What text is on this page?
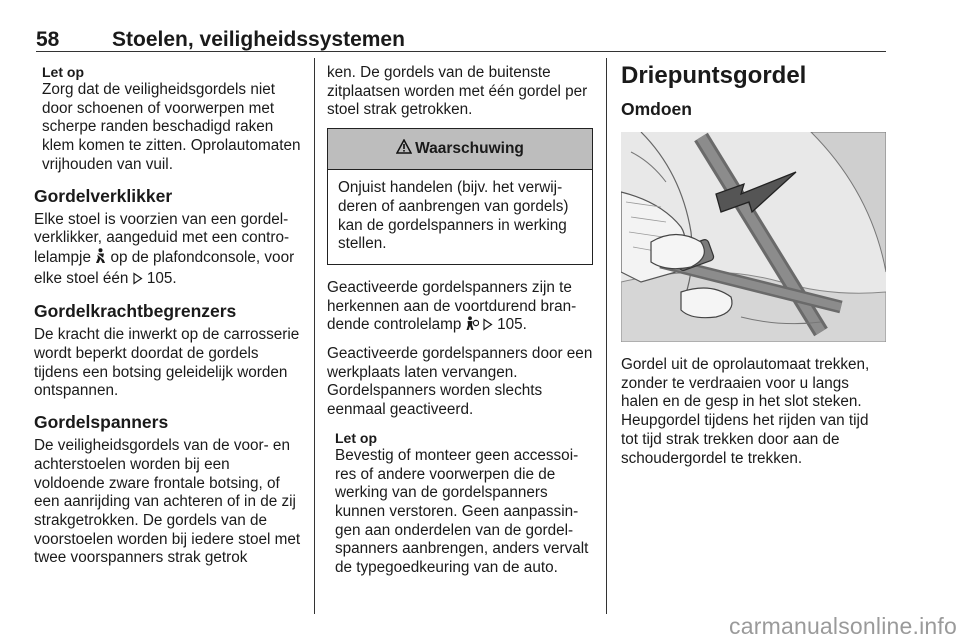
58	Stoelen, veiligheidssystemen
Let op

Zorg dat de veiligheidsgordels niet door schoenen of voorwerpen met scherpe randen beschadigd raken klem komen te zitten. Oprolautomaten vrijhouden van vuil.

Gordelverklikker

Elke stoel is voorzien van een gordelverklikker, aangeduid met een controlelampje  op de plafondconsole, voor elke stoel één  105.

Gordelkrachtbegrenzers

De kracht die inwerkt op de carrosserie wordt beperkt doordat de gordels tijdens een botsing geleidelijk worden ontspannen.

Gordelspanners

De veiligheidsgordels van de voor- en achterstoelen worden bij een voldoende zware frontale botsing, of een aanrijding van achteren of in de zij strakgetrokken. De gordels van de voorstoelen worden bij iedere stoel met twee voorspanners strak getrok

ken. De gordels van de buitenste zitplaatsen worden met één gordel per stoel strak getrokken.

Waarschuwing

Onjuist handelen (bijv. het verwijderen of aanbrengen van gordels) kan de gordelspanners in werking stellen.

Geactiveerde gordelspanners zijn te herkennen aan de voortdurend brandende controlelamp   105.

Geactiveerde gordelspanners door een werkplaats laten vervangen. Gordelspanners worden slechts eenmaal geactiveerd.

Let op

Bevestig of monteer geen accessoires of andere voorwerpen die de werking van de gordelspanners kunnen verstoren. Geen aanpassingen aan onderdelen van de gordelspanners aanbrengen, anders vervalt de typegoedkeuring van de auto.

Driepuntsgordel
Omdoen

Gordel uit de oprolautomaat trekken, zonder te verdraaien voor u langs halen en de gesp in het slot steken. Heupgordel tijdens het rijden van tijd tot tijd strak trekken door aan de schoudergordel te trekken.

carmanualsonline.info
